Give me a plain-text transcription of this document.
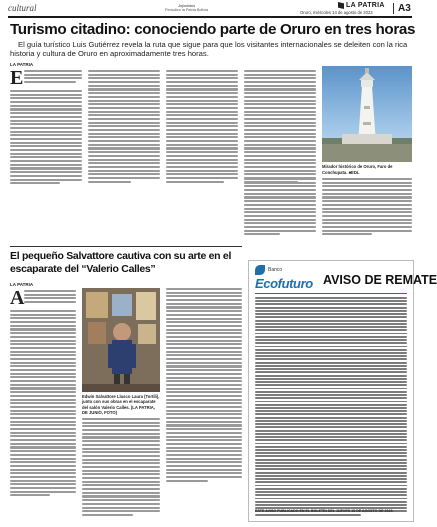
cultural	Jojodatos
Periodico la Patria Bolivia
LA PATRIA
Oruro, miércoles 14 de agosto de 2023	A3
Turismo citadino: conociendo parte de Oruro en tres horas
El guía turístico Luis Gutiérrez revela la ruta que sigue para que los visitantes internacionales se deleiten con la rica historia y cultura de Oruro en aproximadamente tres horas.
LA PATRIA
E
Mirador histórico de Oruro, Faro de Conchupata. ■EDL
El pequeño Salvattore cautiva con su arte en el escaparate del “Valerio Calles”
LA PATRIA
A
Edwin Salvattore Llusco Laura (Tortili), junto con sus obras en el escaparate del salón Valerio Calles. (LA PATRIA, DE JUNIO, FOTO)
Banco
Ecofuturo AVISO DE REMATE
ESTE AVISO PUBLICADO EN EL BOLETÍN DEL JUEVES 15 DE AGOSTO DE 2023.
